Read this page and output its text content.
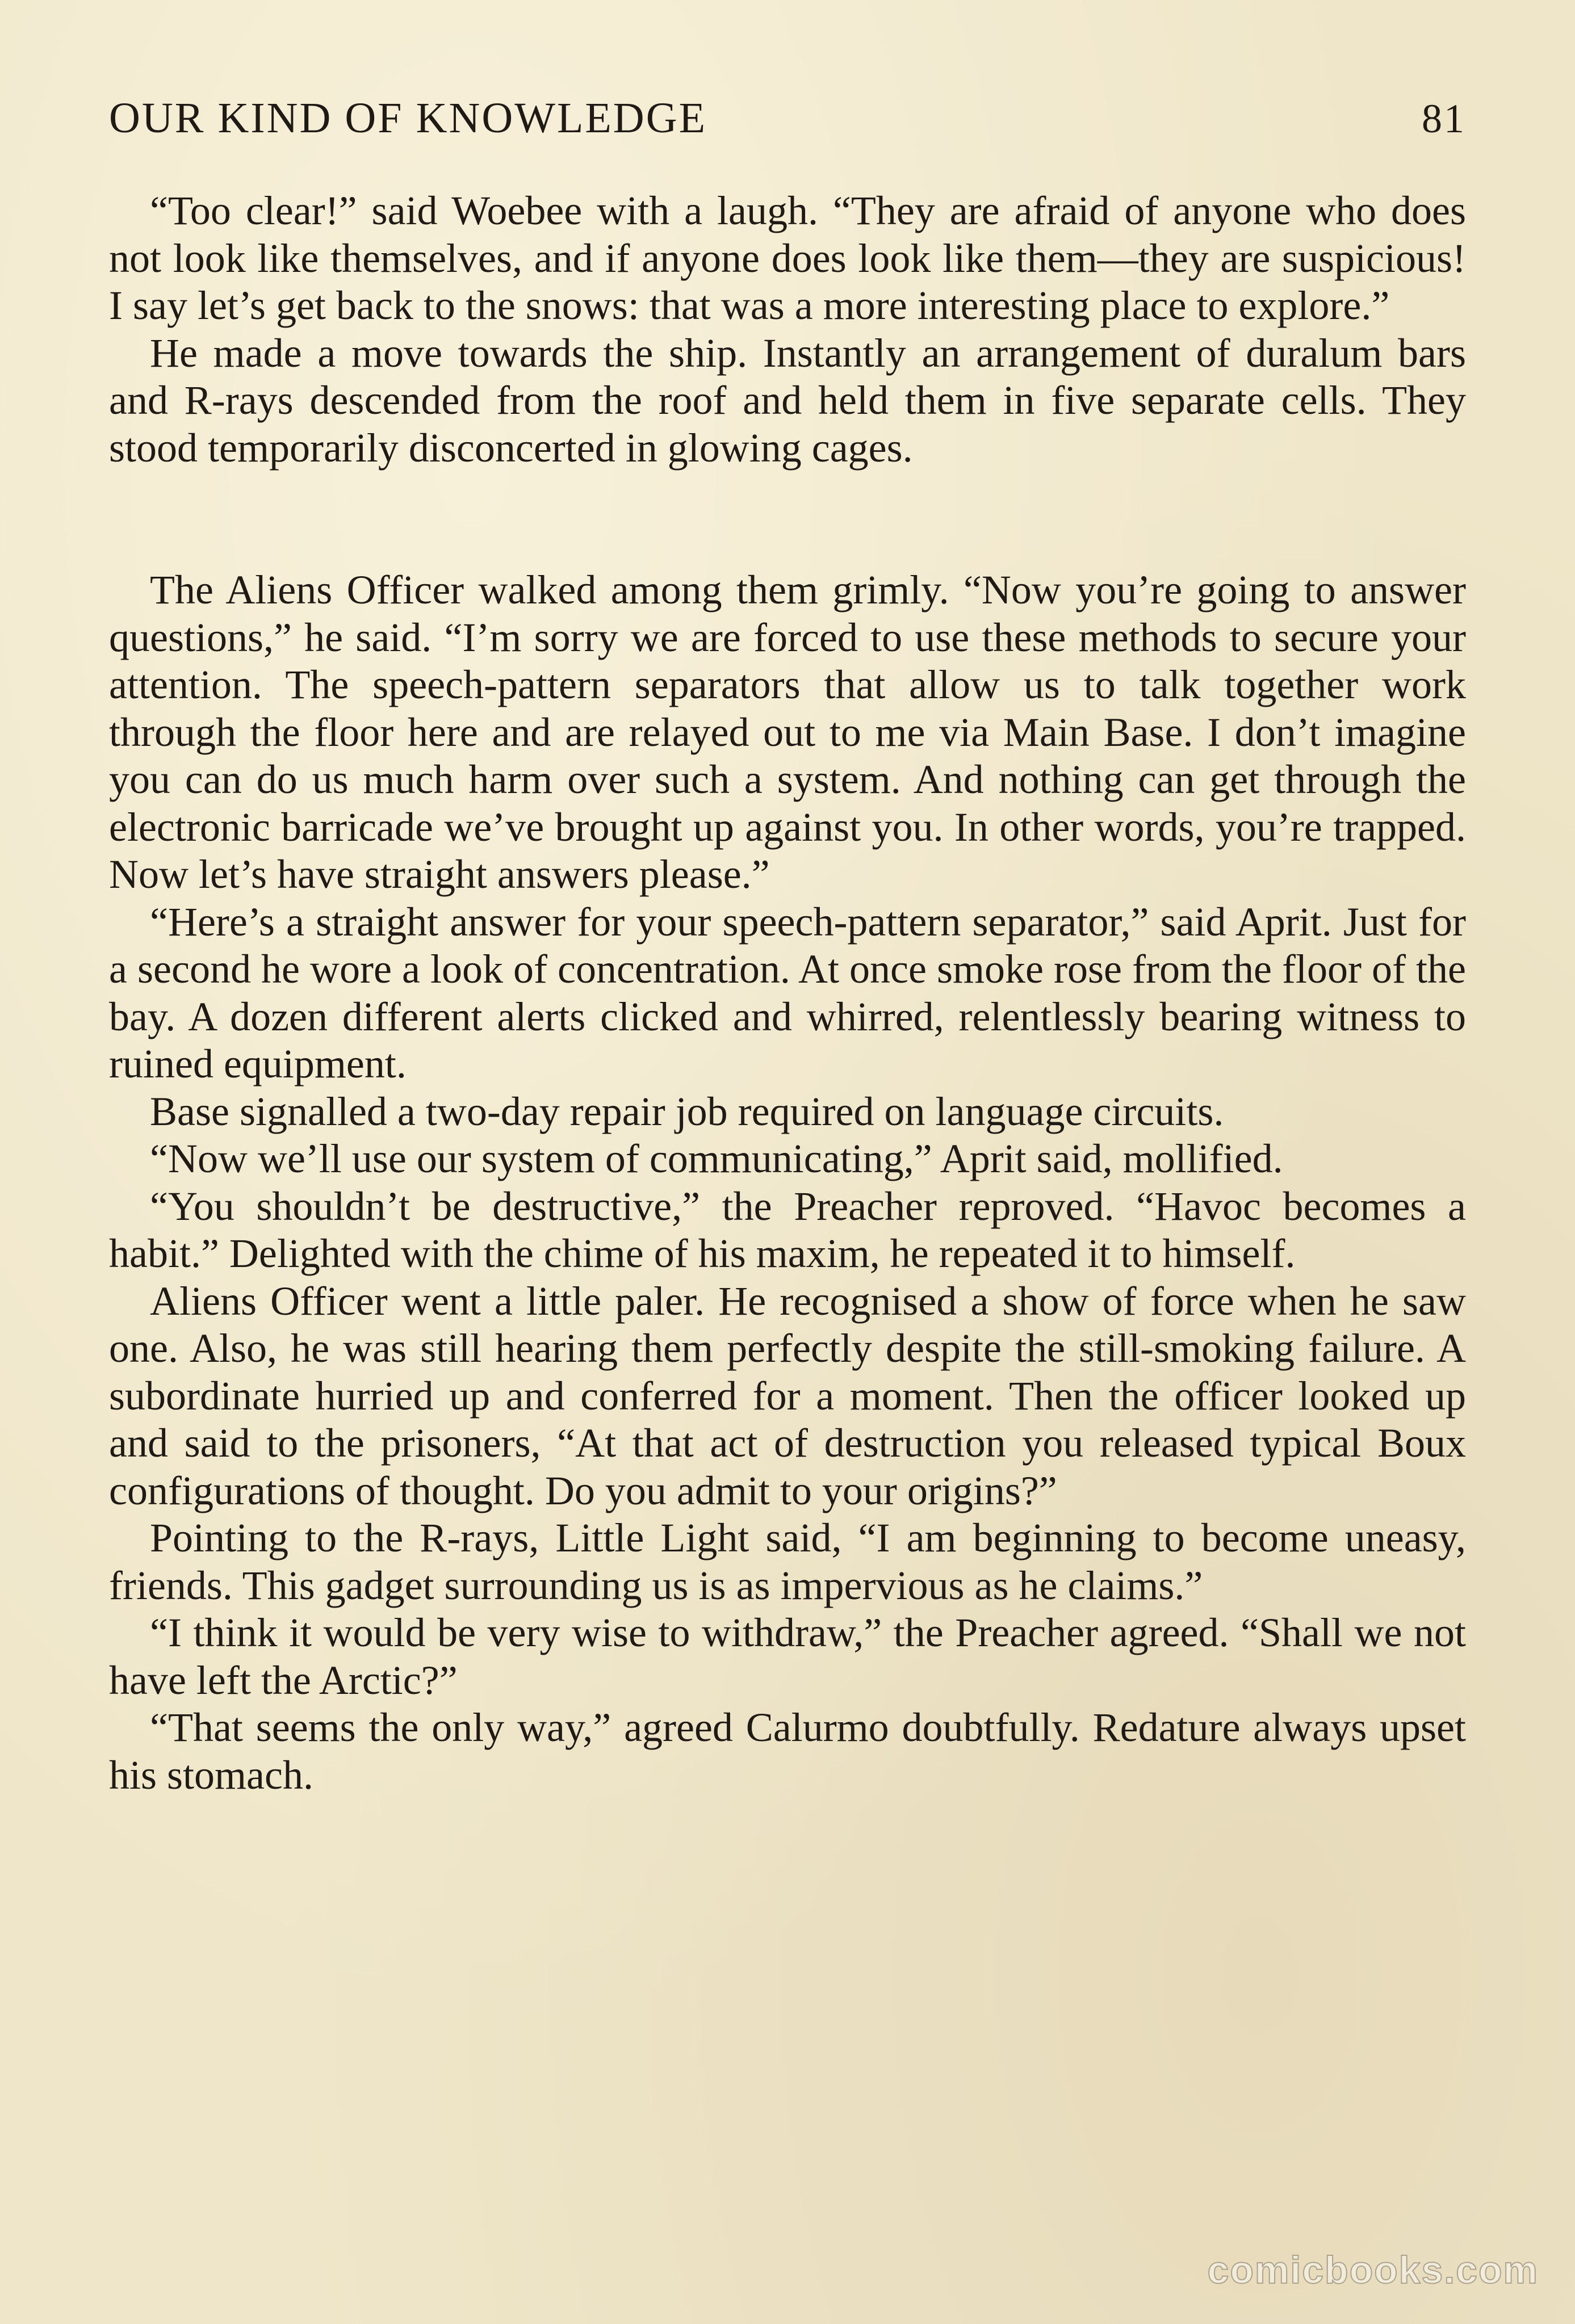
OUR KIND OF KNOWLEDGE	81

“Too clear!” said Woebee with a laugh. “They are afraid of anyone who does not look like themselves, and if anyone does look like them—they are suspicious! I say let’s get back to the snows: that was a more interesting place to explore.”

He made a move towards the ship. Instantly an arrangement of duralum bars and R-rays descended from the roof and held them in five separate cells. They stood temporarily disconcerted in glowing cages.

The Aliens Officer walked among them grimly. “Now you’re going to answer questions,” he said. “I’m sorry we are forced to use these methods to secure your attention. The speech-pattern separators that allow us to talk together work through the floor here and are relayed out to me via Main Base. I don’t imagine you can do us much harm over such a system. And nothing can get through the electronic barricade we’ve brought up against you. In other words, you’re trapped. Now let’s have straight answers please.”

“Here’s a straight answer for your speech-pattern separator,” said Aprit. Just for a second he wore a look of concentration. At once smoke rose from the floor of the bay. A dozen different alerts clicked and whirred, relentlessly bearing witness to ruined equipment.

Base signalled a two-day repair job required on language circuits.

“Now we’ll use our system of communicating,” Aprit said, mollified.

“You shouldn’t be destructive,” the Preacher reproved. “Havoc becomes a habit.” Delighted with the chime of his maxim, he repeated it to himself.

Aliens Officer went a little paler. He recognised a show of force when he saw one. Also, he was still hearing them perfectly despite the still-smoking failure. A subordinate hurried up and conferred for a moment. Then the officer looked up and said to the prisoners, “At that act of destruction you released typical Boux configurations of thought. Do you admit to your origins?”

Pointing to the R-rays, Little Light said, “I am beginning to become uneasy, friends. This gadget surrounding us is as impervious as he claims.”

“I think it would be very wise to withdraw,” the Preacher agreed. “Shall we not have left the Arctic?”

“That seems the only way,” agreed Calurmo doubtfully. Redature always upset his stomach.

comicbooks.com
